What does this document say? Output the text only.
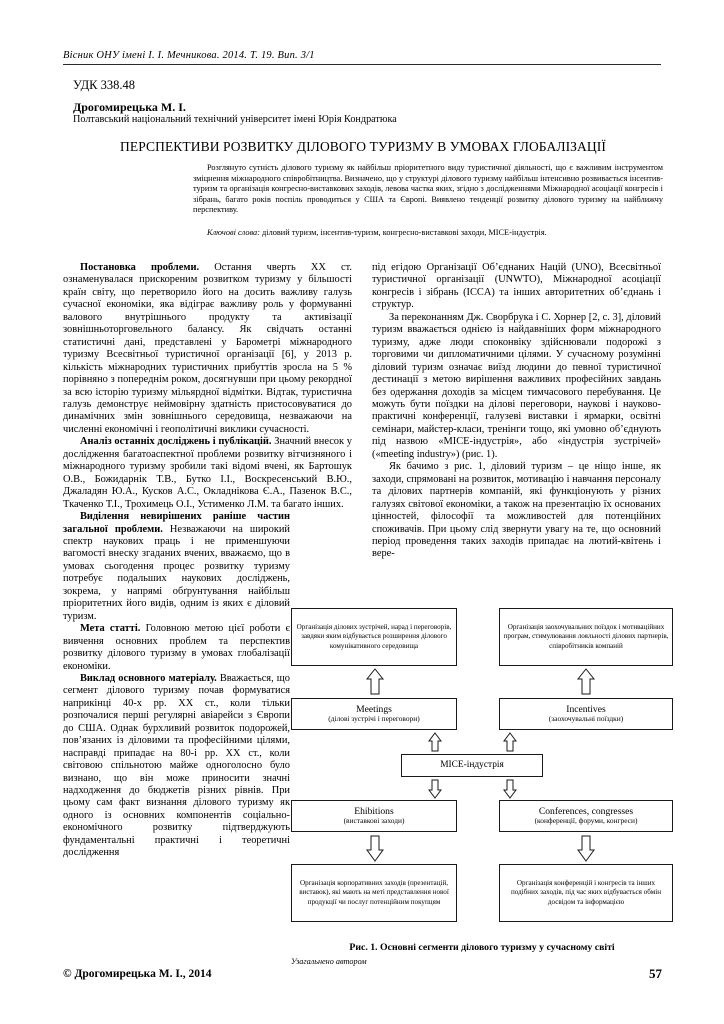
Вісник ОНУ імені І. І. Мечникова. 2014. Т. 19. Вип. 3/1
УДК 338.48
Дрогомирецька М. І.
Полтавський національний технічний університет імені Юрія Кондратюка
ПЕРСПЕКТИВИ РОЗВИТКУ ДІЛОВОГО ТУРИЗМУ В УМОВАХ ГЛОБАЛІЗАЦІЇ
Розглянуто сутність ділового туризму як найбільш пріоритетного виду туристичної діяльності, що є важливим інструментом зміцнення міжнародного співробітництва. Визначено, що у структурі ділового туризму найбільш інтенсивно розвивається інсентив-туризм та організація конгресно-виставкових заходів, левова частка яких, згідно з дослідженнями Міжнародної асоціації конгресів і зібрань, багато років поспіль проводиться у США та Європі. Виявлено тенденції розвитку ділового туризму на найближчу перспективу.
Ключові слова: діловий туризм, інсентив-туризм, конгресно-виставкові заходи, МІСЕ-індустрія.

Постановка проблеми. Остання чверть XX ст. ознаменувалася прискореним розвитком туризму у більшості країн світу, що перетворило його на досить важливу галузь сучасної економіки, яка відіграє важливу роль у формуванні валового внутрішнього продукту та активізації зовнішньоторговельного балансу. Як свідчать останні статистичні дані, представлені у Барометрі міжнародного туризму Всесвітньої туристичної організації [6], у 2013 р. кількість міжнародних туристичних прибуттів зросла на 5 % порівняно з попереднім роком, досягнувши при цьому рекордної за всю історію туризму мільярдної відмітки. Відтак, туристична галузь демонструє неймовірну здатність пристосовуватися до динамічних змін зовнішнього середовища, незважаючи на численні економічні і геополітичні виклики сучасності.

Аналіз останніх досліджень і публікацій. Значний внесок у дослідження багатоаспектної проблеми розвитку вітчизняного і міжнародного туризму зробили такі відомі вчені, як Бартошук О.В., Божидарнік Т.В., Бутко І.І., Воскресенський В.Ю., Джаладян Ю.А., Кусков А.С., Окладнікова Є.А., Пазенок В.С., Ткаченко Т.І., Трохимець О.І., Устименко Л.М. та багато інших.

Виділення невирішених раніше частин загальної проблеми. Незважаючи на широкий спектр наукових праць і не применшуючи вагомості внеску згаданих вчених, вважаємо, що в умовах сьогодення процес розвитку туризму потребує подальших наукових досліджень, зокрема, у напрямі обґрунтування найбільш пріоритетних його видів, одним із яких є діловий туризм.

Мета статті. Головною метою цієї роботи є вивчення основних проблем та перспектив розвитку ділового туризму в умовах глобалізації економіки.

Виклад основного матеріалу. Вважається, що сегмент ділового туризму почав формуватися наприкінці 40-х рр. XX ст., коли тільки розпочалися перші регулярні авіарейси з Європи до США. Однак бурхливий розвиток подорожей, пов’язаних із діловими та професійними цілями, насправді припадає на 80-і рр. XX ст., коли світовою спільнотою майже одноголосно було визнано, що він може приносити значні надходження до бюджетів різних рівнів. При цьому сам факт визнання ділового туризму як одного із основних компонентів соціально-економічного розвитку підтверджують фундаментальні практичні і теоретичні дослідження

під егідою Організації Об’єднаних Націй (UNO), Всесвітньої туристичної організації (UNWTO), Міжнародної асоціації конгресів і зібрань (ICCA) та інших авторитетних об’єднань і структур.

За переконанням Дж. Сворбрука і С. Хорнер [2, с. 3], діловий туризм вважається однією із найдавніших форм міжнародного туризму, адже люди споконвіку здійснювали подорожі з торговими чи дипломатичними цілями. У сучасному розумінні діловий туризм означає виїзд людини до певної туристичної дестинації з метою вирішення важливих професійних завдань без одержання доходів за місцем тимчасового перебування. Це можуть бути поїздки на ділові переговори, наукові і науково-практичні конференції, галузеві виставки і ярмарки, освітні семінари, майстер-класи, тренінги тощо, які умовно об’єднують під назвою «МІСЕ-індустрія», або «індустрія зустрічей» («meeting industry») (рис. 1).

Як бачимо з рис. 1, діловий туризм – це ніщо інше, як заходи, спрямовані на розвиток, мотивацію і навчання персоналу та ділових партнерів компаній, які функціонують у різних галузях світової економіки, а також на презентацію їх основаних цінностей, філософії та можливостей для потенційних споживачів. При цьому слід звернути увагу на те, що основний період проведення таких заходів припадає на лютий-квітень і вере-

Організація ділових зустрічей, нарад і переговорів, завдяки яким відбувається розширення ділового комунікативного середовища
Організація заохочувальних поїздок і мотиваційних програм, стимулювання лояльності ділових партнерів, співробітників компаній
Meetings
(ділові зустрічі і переговори)
Incentives
(заохочувальні поїздки)
МІСЕ-індустрія
Ehibitions
(виставкові заходи)
Conferences, congresses
(конференції, форуми, конгреси)
Організація корпоративних заходів (презентацій, виставок), які мають на меті представлення нової продукції чи послуг потенційним покупцям
Організація конференцій і конгресів та інших подібних заходів, під час яких відбувається обмін досвідом та інформацією
Рис. 1. Основні сегменти ділового туризму у сучасному світі
Узагальнено автором
© Дрогомирецька М. І., 2014	57
